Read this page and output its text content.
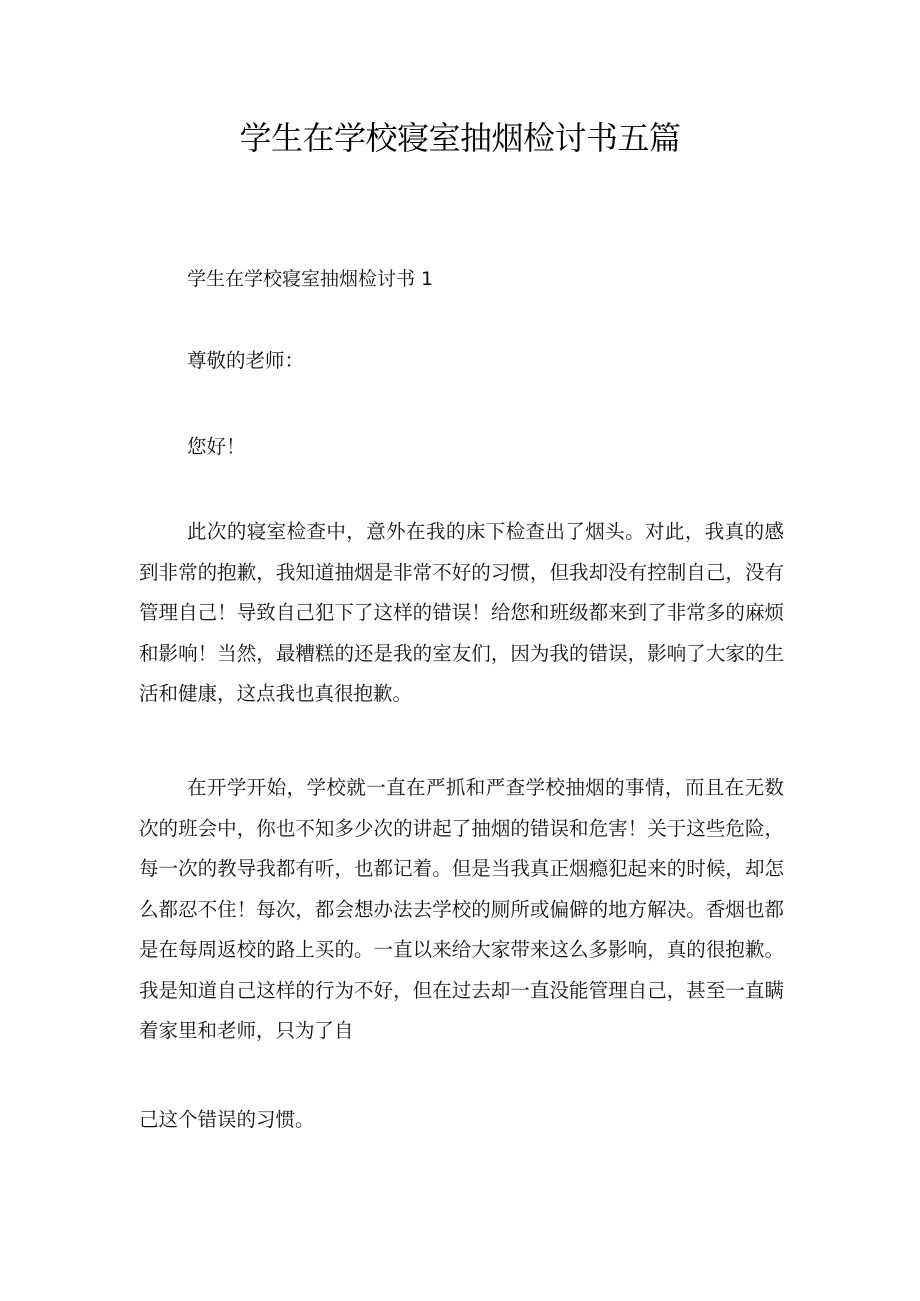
学生在学校寝室抽烟检讨书五篇
学生在学校寝室抽烟检讨书 1
尊敬的老师：
您好！

此次的寝室检查中，意外在我的床下检查出了烟头。对此，我真的感到非常的抱歉，我知道抽烟是非常不好的习惯，但我却没有控制自己，没有管理自己！导致自己犯下了这样的错误！给您和班级都来到了非常多的麻烦和影响！当然，最糟糕的还是我的室友们，因为我的错误，影响了大家的生活和健康，这点我也真很抱歉。

在开学开始，学校就一直在严抓和严查学校抽烟的事情，而且在无数次的班会中，你也不知多少次的讲起了抽烟的错误和危害！关于这些危险，每一次的教导我都有听，也都记着。但是当我真正烟瘾犯起来的时候，却怎么都忍不住！每次，都会想办法去学校的厕所或偏僻的地方解决。香烟也都是在每周返校的路上买的。一直以来给大家带来这么多影响，真的很抱歉。我是知道自己这样的行为不好，但在过去却一直没能管理自己，甚至一直瞒着家里和老师，只为了自

己这个错误的习惯。
